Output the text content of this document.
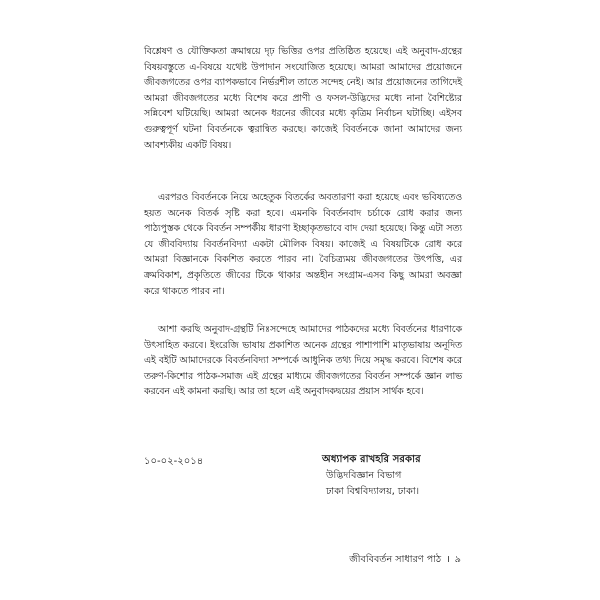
বিশ্লেষণ ও যৌক্তিকতা ক্রমান্বয়ে দৃঢ় ভিত্তির ওপর প্রতিষ্ঠিত হয়েছে। এই অনুবাদ-গ্রন্থের বিষয়বস্তুতে এ-বিষয়ে যথেষ্ট উপাদান সংযোজিত হয়েছে। আমরা আমাদের প্রয়োজনে জীবজগতের ওপর ব্যাপকভাবে নির্ভরশীল তাতে সন্দেহ নেই। আর প্রয়োজনের তাগিদেই আমরা জীবজগতের মধ্যে বিশেষ করে প্রাণী ও ফসল-উদ্ভিদের মধ্যে নানা বৈশিষ্ট্যের সন্নিবেশ ঘটিয়েছি। আমরা অনেক ধরনের জীবের মধ্যে কৃত্রিম নির্বাচন ঘটাচ্ছি। এইসব গুরুত্বপূর্ণ ঘটনা বিবর্তনকে ত্বরান্বিত করছে। কাজেই বিবর্তনকে জানা আমাদের জন্য আবশ্যকীয় একটি বিষয়।

এরপরও বিবর্তনকে নিয়ে অহেতুক বিতর্কের অবতারণা করা হয়েছে এবং ভবিষ্যতেও হয়ত অনেক বিতর্ক সৃষ্টি করা হবে। এমনকি বিবর্তনবাদ চর্চাকে রোধ করার জন্য পাঠ্যপুস্তক থেকে বিবর্তন সম্পর্কীয় ধারণা ইচ্ছাকৃতভাবে বাদ দেয়া হয়েছে। কিন্তু এটা সত্য যে জীববিদ্যায় বিবর্তনবিদ্যা একটা মৌলিক বিষয়। কাজেই এ বিষয়টিকে রোধ করে আমরা বিজ্ঞানকে বিকশিত করতে পারব না। বৈচিত্র্যময় জীবজগতের উৎপত্তি, এর ক্রমবিকাশ, প্রকৃতিতে জীবের টিকে থাকার অন্তহীন সংগ্রাম-এসব কিছু আমরা অবজ্ঞা করে থাকতে পারব না।

আশা করছি অনুবাদ-গ্রন্থটি নিঃসন্দেহে আমাদের পাঠকদের মধ্যে বিবর্তনের ধারণাকে উৎসাহিত করবে। ইংরেজি ভাষায় প্রকাশিত অনেক গ্রন্থের পাশাপাশি মাতৃভাষায় অনূদিত এই বইটি আমাদেরকে বিবর্তনবিদ্যা সম্পর্কে আধুনিক তথ্য দিয়ে সমৃদ্ধ করবে। বিশেষ করে তরুণ-কিশোর পাঠক-সমাজ এই গ্রন্থের মাধ্যমে জীবজগতের বিবর্তন সম্পর্কে জ্ঞান লাভ করবেন এই কামনা করছি। আর তা হলে এই অনুবাদকদ্বয়ের প্রয়াস সার্থক হবে।

১০-০২-২০১৪	অধ্যাপক রাখহরি সরকার
উদ্ভিদবিজ্ঞান বিভাগ
ঢাকা বিশ্ববিদ্যালয়, ঢাকা।
জীববিবর্তন সাধারণ পাঠ । ৯
